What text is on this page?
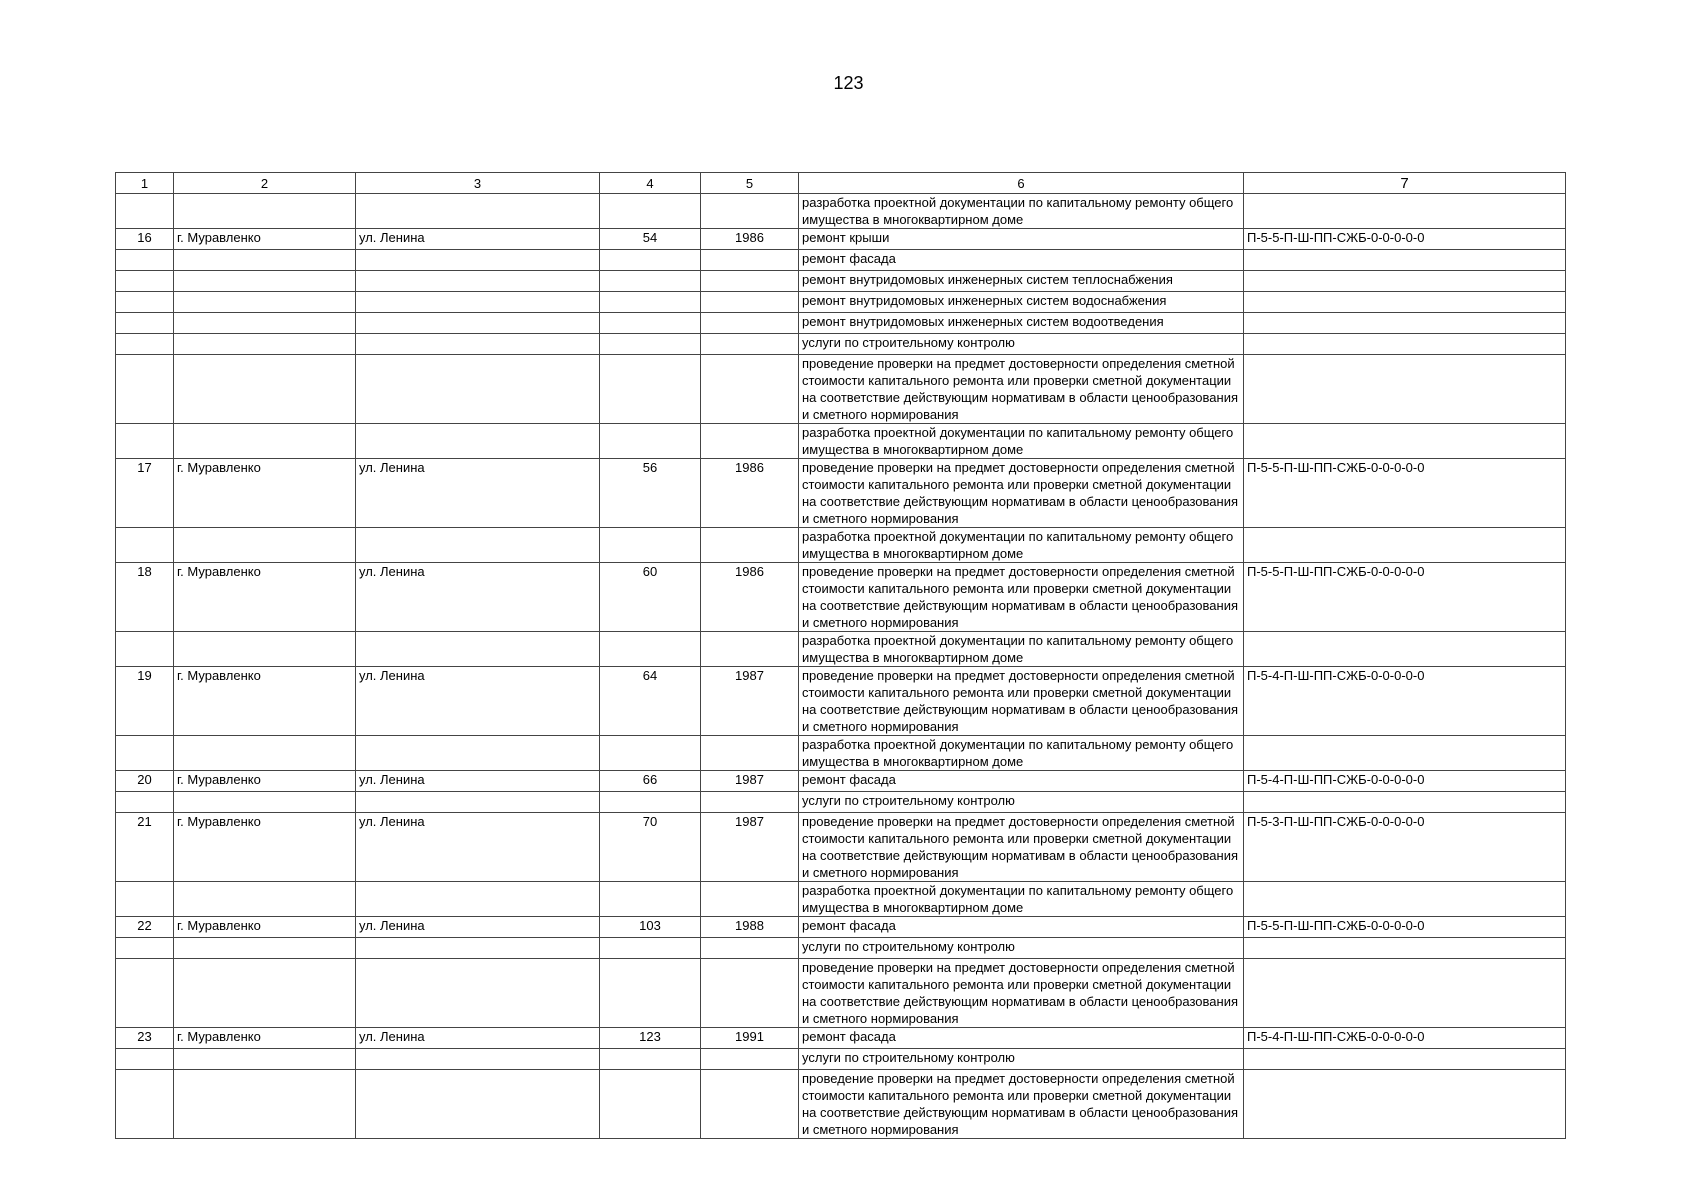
123
1	2	3	4	5	6	7
					разработка проектной документации по капитальному ремонту общего имущества в многоквартирном доме	
16	г. Муравленко	ул. Ленина	54	1986	ремонт крыши	П-5-5-П-Ш-ПП-СЖБ-0-0-0-0-0
					ремонт фасада	
					ремонт внутридомовых инженерных систем теплоснабжения	
					ремонт внутридомовых инженерных систем водоснабжения	
					ремонт внутридомовых инженерных систем водоотведения	
					услуги по строительному контролю	
					проведение проверки на предмет достоверности определения сметной стоимости капитального ремонта или проверки сметной документации на соответствие действующим нормативам в области ценообразования и сметного нормирования	
					разработка проектной документации по капитальному ремонту общего имущества в многоквартирном доме	
17	г. Муравленко	ул. Ленина	56	1986	проведение проверки на предмет достоверности определения сметной стоимости капитального ремонта или проверки сметной документации на соответствие действующим нормативам в области ценообразования и сметного нормирования	П-5-5-П-Ш-ПП-СЖБ-0-0-0-0-0
					разработка проектной документации по капитальному ремонту общего имущества в многоквартирном доме	
18	г. Муравленко	ул. Ленина	60	1986	проведение проверки на предмет достоверности определения сметной стоимости капитального ремонта или проверки сметной документации на соответствие действующим нормативам в области ценообразования и сметного нормирования	П-5-5-П-Ш-ПП-СЖБ-0-0-0-0-0
					разработка проектной документации по капитальному ремонту общего имущества в многоквартирном доме	
19	г. Муравленко	ул. Ленина	64	1987	проведение проверки на предмет достоверности определения сметной стоимости капитального ремонта или проверки сметной документации на соответствие действующим нормативам в области ценообразования и сметного нормирования	П-5-4-П-Ш-ПП-СЖБ-0-0-0-0-0
					разработка проектной документации по капитальному ремонту общего имущества в многоквартирном доме	
20	г. Муравленко	ул. Ленина	66	1987	ремонт фасада	П-5-4-П-Ш-ПП-СЖБ-0-0-0-0-0
					услуги по строительному контролю	
21	г. Муравленко	ул. Ленина	70	1987	проведение проверки на предмет достоверности определения сметной стоимости капитального ремонта или проверки сметной документации на соответствие действующим нормативам в области ценообразования и сметного нормирования	П-5-3-П-Ш-ПП-СЖБ-0-0-0-0-0
					разработка проектной документации по капитальному ремонту общего имущества в многоквартирном доме	
22	г. Муравленко	ул. Ленина	103	1988	ремонт фасада	П-5-5-П-Ш-ПП-СЖБ-0-0-0-0-0
					услуги по строительному контролю	
					проведение проверки на предмет достоверности определения сметной стоимости капитального ремонта или проверки сметной документации на соответствие действующим нормативам в области ценообразования и сметного нормирования	
23	г. Муравленко	ул. Ленина	123	1991	ремонт фасада	П-5-4-П-Ш-ПП-СЖБ-0-0-0-0-0
					услуги по строительному контролю	
					проведение проверки на предмет достоверности определения сметной стоимости капитального ремонта или проверки сметной документации на соответствие действующим нормативам в области ценообразования и сметного нормирования	
